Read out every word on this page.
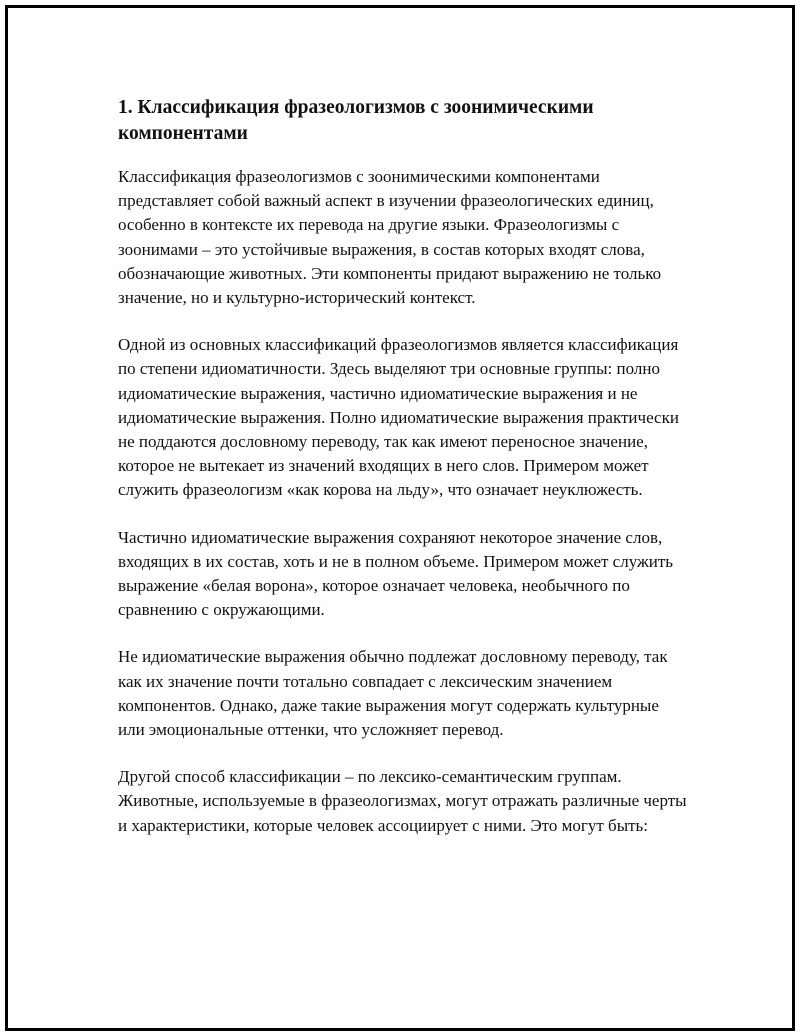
1. Классификация фразеологизмов с зоонимическими компонентами

Классификация фразеологизмов с зоонимическими компонентами представляет собой важный аспект в изучении фразеологических единиц, особенно в контексте их перевода на другие языки. Фразеологизмы с зоонимами – это устойчивые выражения, в состав которых входят слова, обозначающие животных. Эти компоненты придают выражению не только значение, но и культурно-исторический контекст.

Одной из основных классификаций фразеологизмов является классификация по степени идиоматичности. Здесь выделяют три основные группы: полно идиоматические выражения, частично идиоматические выражения и не идиоматические выражения. Полно идиоматические выражения практически не поддаются дословному переводу, так как имеют переносное значение, которое не вытекает из значений входящих в него слов. Примером может служить фразеологизм «как корова на льду», что означает неуклюжесть.

Частично идиоматические выражения сохраняют некоторое значение слов, входящих в их состав, хоть и не в полном объеме. Примером может служить выражение «белая ворона», которое означает человека, необычного по сравнению с окружающими.

Не идиоматические выражения обычно подлежат дословному переводу, так как их значение почти тотально совпадает с лексическим значением компонентов. Однако, даже такие выражения могут содержать культурные или эмоциональные оттенки, что усложняет перевод.

Другой способ классификации – по лексико-семантическим группам. Животные, используемые в фразеологизмах, могут отражать различные черты и характеристики, которые человек ассоциирует с ними. Это могут быть:
